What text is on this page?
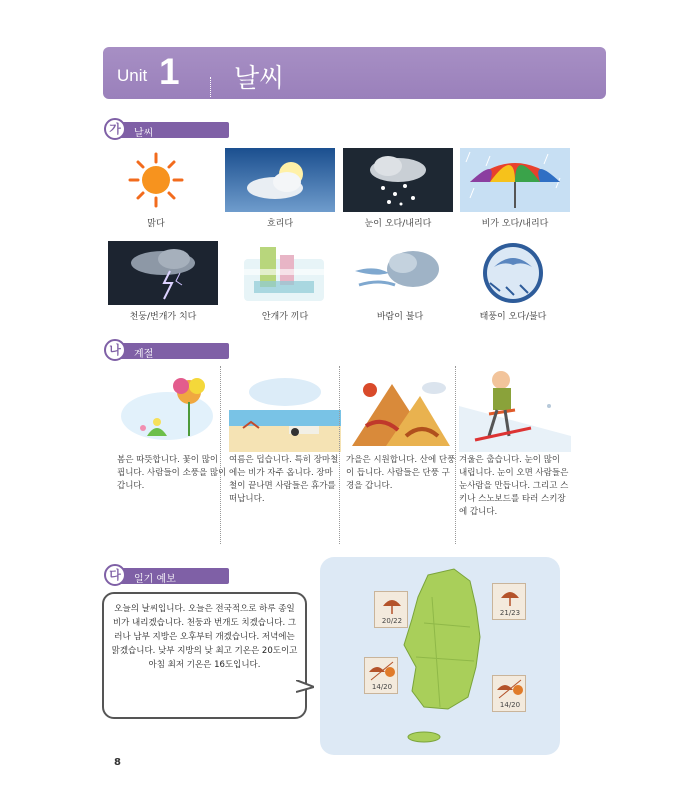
Unit 1 날씨
가	날씨
맑다	흐리다	눈이 오다/내리다	비가 오다/내리다
천둥/번개가 치다	안개가 끼다	바람이 불다	태풍이 오다/불다
나	계절
봄은 따뜻합니다. 꽃이 많이 핍니다. 사람들이 소풍을 많이 갑니다.
여름은 덥습니다. 특히 장마철에는 비가 자주 옵니다. 장마철이 끝나면 사람들은 휴가를 떠납니다.
가을은 시원합니다. 산에 단풍이 듭니다. 사람들은 단풍 구경을 갑니다.
겨울은 춥습니다. 눈이 많이 내립니다. 눈이 오면 사람들은 눈사람을 만듭니다. 그리고 스키나 스노보드를 타러 스키장에 갑니다.
다	일기 예보

오늘의 날씨입니다. 오늘은 전국적으로 하루 종일 비가 내리겠습니다. 천둥과 번개도 치겠습니다. 그러나 남부 지방은 오후부터 개겠습니다. 저녁에는 맑겠습니다. 낮부 지방의 낮 최고 기온은 20도이고 아침 최저 기온은 16도입니다.

20/22
21/23
14/20
14/20
8
